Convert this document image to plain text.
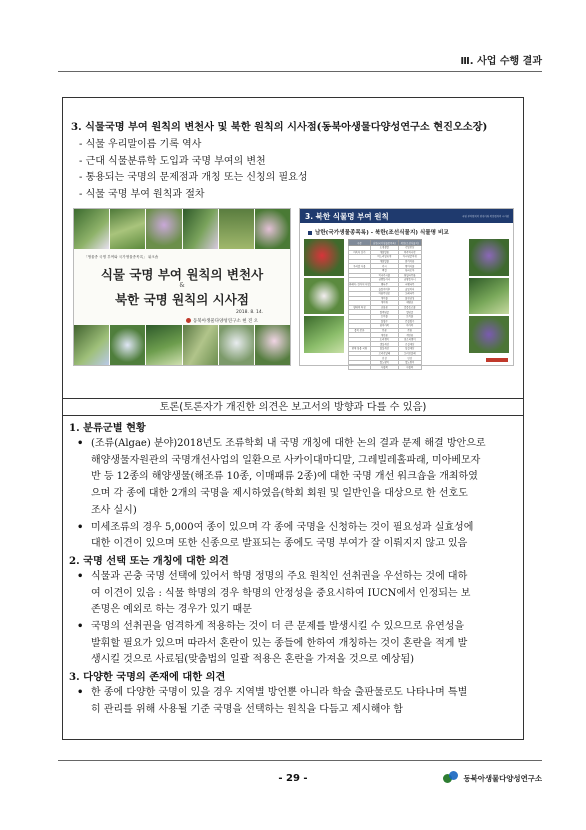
Ⅲ. 사업 수행 결과
3. 식물국명 부여 원칙의 변천사 및 북한 원칙의 시사점(동북아생물다양성연구소 현진오소장)
- 식물 우리말이름 기록 역사
- 근대 식물분류학 도입과 국명 부여의 변천
- 통용되는 국명의 문제점과 개칭 또는 신칭의 필요성
- 식물 국명 부여 원칙과 절차
「생물종 국명 부여와 국가생물종목록」 워크숍
식물 국명 부여 원칙의 변천사
&
북한 국명 원칙의 시사점
2018. 8. 14.
동북아생물다양성연구소 현 진 오
3. 북한 식물명 부여 원칙	국명 부여원칙의 변천사와 북한원칙의 시사점
남한(국가생물종목록) - 북한(조선식물지) 식물명 비교
구분	남한(국가생물종목록)	북한(조선식물지)
	소경불알	긴잎만삼
비속어 삼가	개불알꽃	복주머니란
	며느리밑씻개	가시덩굴여뀌
	개불알풀	봄까치꽃
우리말 사용	각시	왕마디풀
	백설	흰쇠모루
	미국가시풀	흰털쇠무릎
	금방동사니	금방동사니
외래어, 한자어 피함	팽나무	쇠팽나무
	솔잎비비추	솔잎비녀
	마름무덤옷	모래나무
	개미풀	뜰천남성
	개미취	새양초
형태적 특징	초롱꽃	층층둥근풀
	벌깨덩굴	벌덩굴
	토끼풀	토끼풀
	칠엽수	은칠엽수
	당마가목	마가목
종의 분류	붓꽃	붓꽃
	개연꽃	개연꽃
	소리쟁이	참소리쟁이
	갯실새삼	큰실새삼
현재 통용 국명	털실새삼	털실새삼
	꼬리진달래	꼬리진달래
	인삼	인삼
	벌노랑이	벌노랑이
	사철쑥	사철쑥
토론(토론자가 개진한 의견은 보고서의 방향과 다를 수 있음)
1. 분류군별 현황
• (조류(Algae) 분야)2018년도 조류학회 내 국명 개칭에 대한 논의 결과 문제 해결 방안으로
해양생물자원관의 국명개선사업의 일환으로 사카이대마디말, 그레빌레홀파래, 미아베모자
반 등 12종의 해양생물(해조류 10종, 이매패류 2종)에 대한 국명 개선 워크숍을 개최하였
으며 각 종에 대한 2개의 국명을 제시하였음(학회 회원 및 일반인을 대상으로 한 선호도
조사 실시)
• 미세조류의 경우 5,000여 종이 있으며 각 종에 국명을 신청하는 것이 필요성과 실효성에
대한 이견이 있으며 또한 신종으로 발표되는 종에도 국명 부여가 잘 이뤄지지 않고 있음
2. 국명 선택 또는 개칭에 대한 의견
• 식물과 곤충 국명 선택에 있어서 학명 정명의 주요 원칙인 선취권을 우선하는 것에 대하
여 이견이 있음 : 식물 학명의 경우 학명의 안정성을 중요시하여 IUCN에서 인정되는 보
존명은 예외로 하는 경우가 있기 때문
• 국명의 선취권을 엄격하게 적용하는 것이 더 큰 문제를 발생시킬 수 있으므로 유연성을
발휘할 필요가 있으며 따라서 혼란이 있는 종들에 한하여 개칭하는 것이 혼란을 적게 발
생시킬 것으로 사료됨(맞춤법의 일괄 적용은 혼란을 가져올 것으로 예상됨)
3. 다양한 국명의 존재에 대한 의견
• 한 종에 다양한 국명이 있을 경우 지역별 방언뿐 아니라 학술 출판물로도 나타나며 특별
히 관리를 위해 사용될 기준 국명을 선택하는 원칙을 다듬고 제시해야 함
- 29 -	동북아생물다양성연구소
